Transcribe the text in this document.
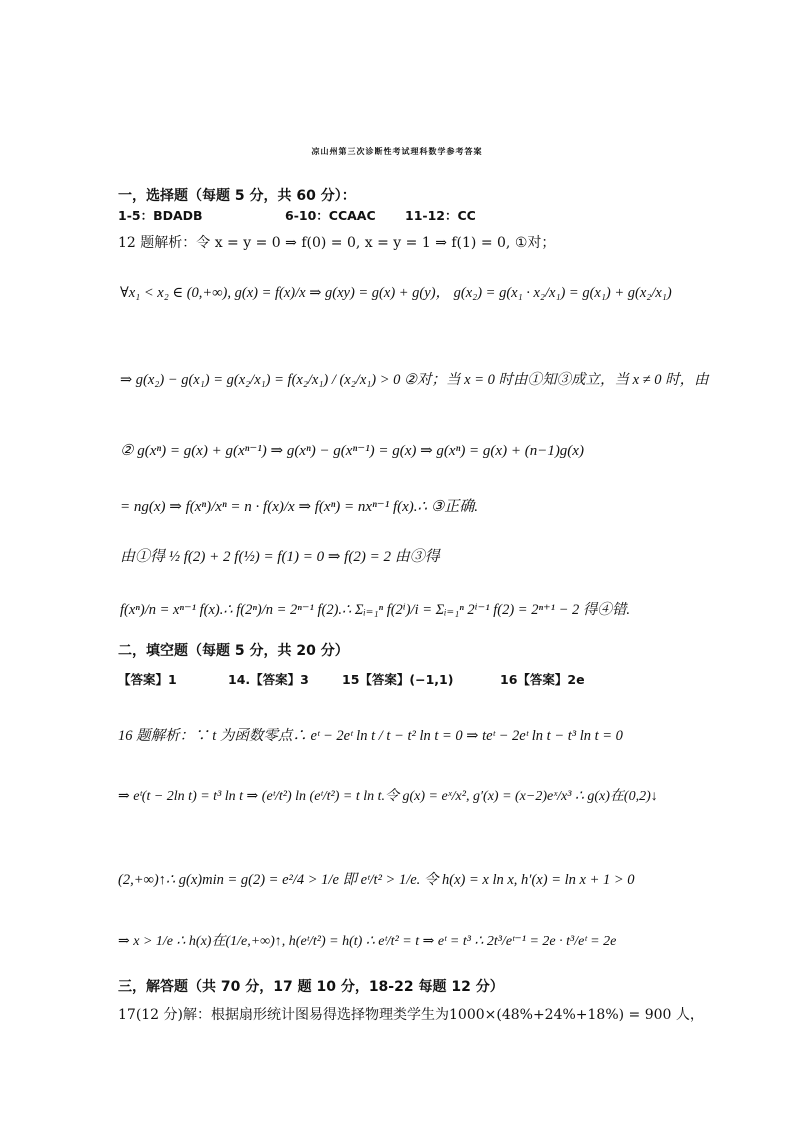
凉山州第三次诊断性考试理科数学参考答案
一，选择题（每题 5 分，共 60 分）：
1-5：BDADB	6-10：CCAAC 11-12：CC
12 题解析：令 x = y = 0 ⇒ f(0) = 0, x = y = 1 ⇒ f(1) = 0, ①对；
∀x₁ < x₂ ∈ (0,+∞), g(x) = f(x)/x ⇒ g(xy) = g(x) + g(y)， g(x₂) = g(x₁ · x₂/x₁) = g(x₁) + g(x₂/x₁)
⇒ g(x₂) − g(x₁) = g(x₂/x₁) = f(x₂/x₁) / (x₂/x₁) > 0 ②对；当 x = 0 时由①知③成立，当 x ≠ 0 时，由
② g(xⁿ) = g(x) + g(xⁿ⁻¹) ⇒ g(xⁿ) − g(xⁿ⁻¹) = g(x) ⇒ g(xⁿ) = g(x) + (n−1)g(x)
= ng(x) ⇒ f(xⁿ)/xⁿ = n · f(x)/x ⇒ f(xⁿ) = nxⁿ⁻¹ f(x).∴ ③正确.
由①得 ½ f(2) + 2 f(½) = f(1) = 0 ⇒ f(2) = 2 由③得
f(xⁿ)/n = xⁿ⁻¹ f(x).∴ f(2ⁿ)/n = 2ⁿ⁻¹ f(2).∴ Σᵢ₌₁ⁿ f(2ⁱ)/i = Σᵢ₌₁ⁿ 2ⁱ⁻¹ f(2) = 2ⁿ⁺¹ − 2 得④错.
二，填空题（每题 5 分，共 20 分）
【答案】1	14.【答案】3	15【答案】(−1,1)	16【答案】2e
16 题解析：∵ t 为函数零点∴ eᵗ − 2eᵗ ln t / t − t² ln t = 0 ⇒ teᵗ − 2eᵗ ln t − t³ ln t = 0
⇒ eᵗ(t − 2ln t) = t³ ln t ⇒ (eᵗ/t²) ln (eᵗ/t²) = t ln t.令 g(x) = eˣ/x², g′(x) = (x−2)eˣ/x³ ∴ g(x)在(0,2)↓
(2,+∞)↑∴ g(x)min = g(2) = e²/4 > 1/e 即 eᵗ/t² > 1/e. 令 h(x) = x ln x, h′(x) = ln x + 1 > 0
⇒ x > 1/e ∴ h(x)在(1/e,+∞)↑, h(eᵗ/t²) = h(t) ∴ eᵗ/t² = t ⇒ eᵗ = t³ ∴ 2t³/eᵗ⁻¹ = 2e · t³/eᵗ = 2e
三，解答题（共 70 分，17 题 10 分，18-22 每题 12 分）
17(12 分)解：根据扇形统计图易得选择物理类学生为1000×(48%+24%+18%) = 900 人，
